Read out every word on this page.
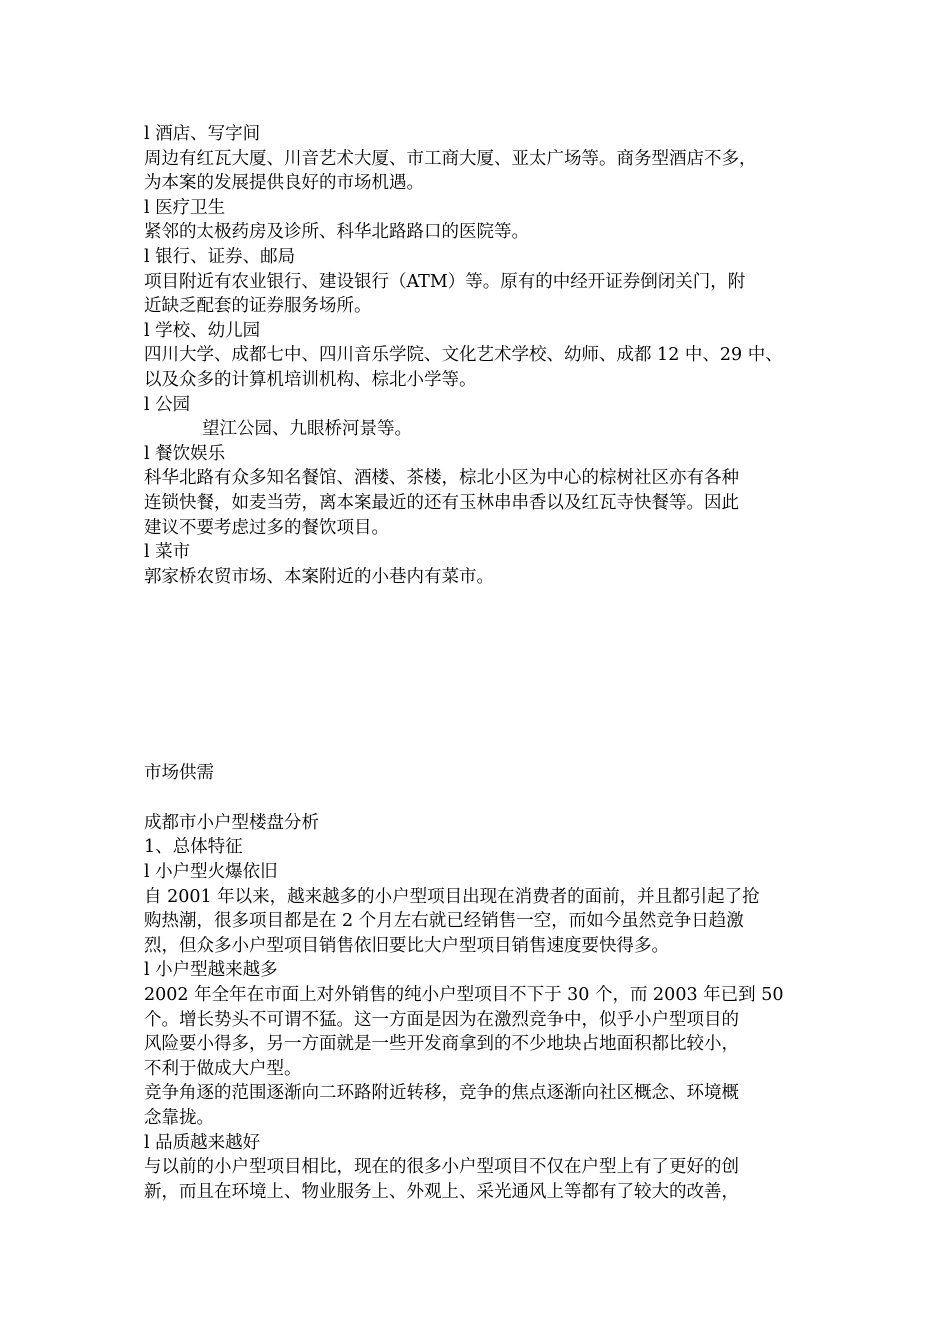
l 酒店、写字间
周边有红瓦大厦、川音艺术大厦、市工商大厦、亚太广场等。商务型酒店不多，
为本案的发展提供良好的市场机遇。
l 医疗卫生
紧邻的太极药房及诊所、科华北路路口的医院等。
l 银行、证券、邮局
项目附近有农业银行、建设银行（ATM）等。原有的中经开证券倒闭关门，附
近缺乏配套的证券服务场所。
l 学校、幼儿园
四川大学、成都七中、四川音乐学院、文化艺术学校、幼师、成都 12 中、29 中、
以及众多的计算机培训机构、棕北小学等。
l 公园
望江公园、九眼桥河景等。
l 餐饮娱乐
科华北路有众多知名餐馆、酒楼、茶楼，棕北小区为中心的棕树社区亦有各种
连锁快餐，如麦当劳，离本案最近的还有玉林串串香以及红瓦寺快餐等。因此
建议不要考虑过多的餐饮项目。
l 菜市
郭家桥农贸市场、本案附近的小巷内有菜市。
市场供需
成都市小户型楼盘分析
1、总体特征
l 小户型火爆依旧
自 2001 年以来，越来越多的小户型项目出现在消费者的面前，并且都引起了抢
购热潮，很多项目都是在 2 个月左右就已经销售一空，而如今虽然竞争日趋激
烈，但众多小户型项目销售依旧要比大户型项目销售速度要快得多。
l 小户型越来越多
2002 年全年在市面上对外销售的纯小户型项目不下于 30 个，而 2003 年已到 50
个。增长势头不可谓不猛。这一方面是因为在激烈竞争中，似乎小户型项目的
风险要小得多，另一方面就是一些开发商拿到的不少地块占地面积都比较小，
不利于做成大户型。
竞争角逐的范围逐渐向二环路附近转移，竞争的焦点逐渐向社区概念、环境概
念靠拢。
l 品质越来越好
与以前的小户型项目相比，现在的很多小户型项目不仅在户型上有了更好的创
新，而且在环境上、物业服务上、外观上、采光通风上等都有了较大的改善，
